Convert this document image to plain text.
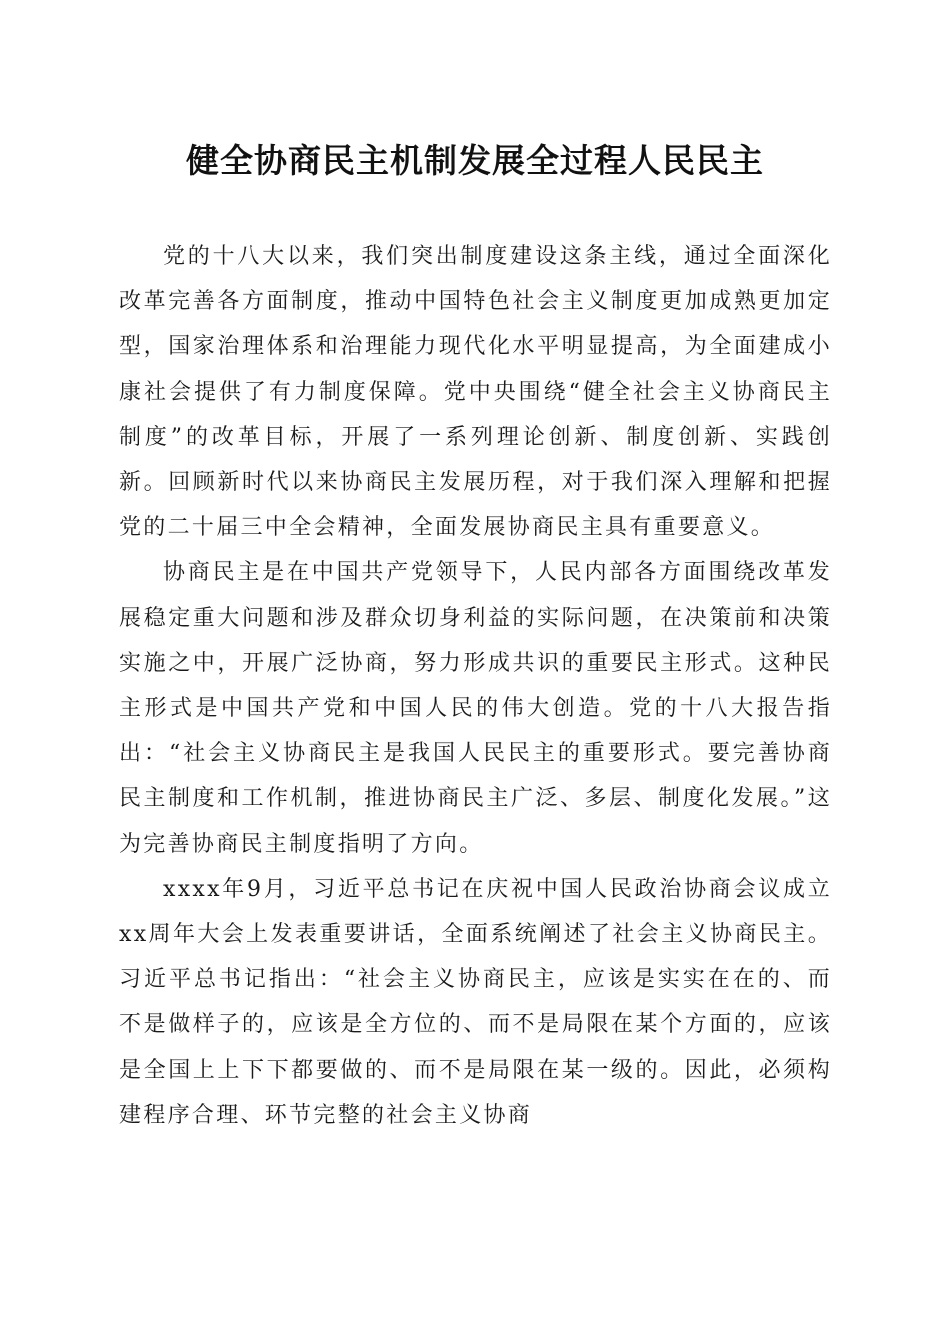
健全协商民主机制发展全过程人民民主

党的十八大以来，我们突出制度建设这条主线，通过全面深化改革完善各方面制度，推动中国特色社会主义制度更加成熟更加定型，国家治理体系和治理能力现代化水平明显提高，为全面建成小康社会提供了有力制度保障。党中央围绕“健全社会主义协商民主制度”的改革目标，开展了一系列理论创新、制度创新、实践创新。回顾新时代以来协商民主发展历程，对于我们深入理解和把握党的二十届三中全会精神，全面发展协商民主具有重要意义。

协商民主是在中国共产党领导下，人民内部各方面围绕改革发展稳定重大问题和涉及群众切身利益的实际问题，在决策前和决策实施之中，开展广泛协商，努力形成共识的重要民主形式。这种民主形式是中国共产党和中国人民的伟大创造。党的十八大报告指出：“社会主义协商民主是我国人民民主的重要形式。要完善协商民主制度和工作机制，推进协商民主广泛、多层、制度化发展。”这为完善协商民主制度指明了方向。

xxxx年9月，习近平总书记在庆祝中国人民政治协商会议成立xx周年大会上发表重要讲话，全面系统阐述了社会主义协商民主。习近平总书记指出：“社会主义协商民主，应该是实实在在的、而不是做样子的，应该是全方位的、而不是局限在某个方面的，应该是全国上上下下都要做的、而不是局限在某一级的。因此，必须构建程序合理、环节完整的社会主义协商
